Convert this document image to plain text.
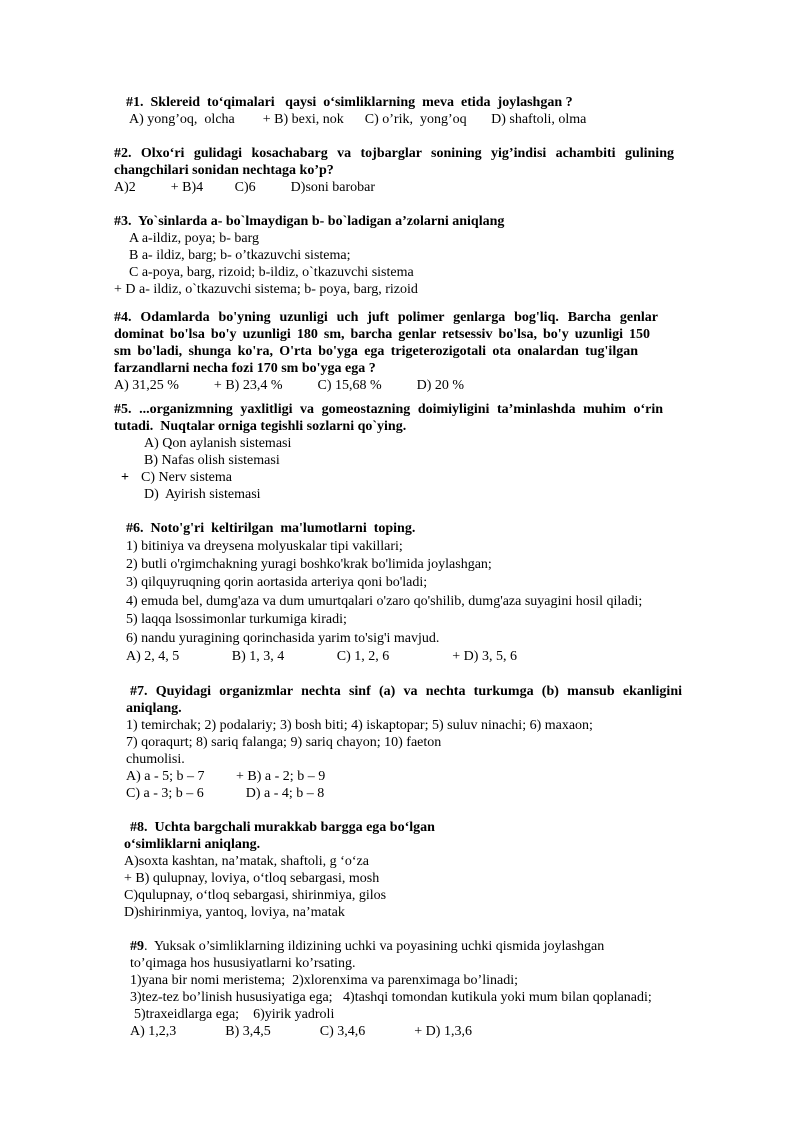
#1.  Sklereid  to‘qimalari   qaysi  o‘simliklarning  meva  etida  joylashgan ?
A) yong’oq,  olcha        + B) bexi, nok      C) o’rik,  yong’oq       D) shaftoli, olma
#2. Olxo‘ri gulidagi kosachabarg va tojbarglar sonining yig’indisi achambiti gulining
changchilari sonidan nechtaga ko’p?
A)2          + B)4         C)6          D)soni barobar
#3.  Yo`sinlarda a- bo`lmaydigan b- bo`ladigan a’zolarni aniqlang
A a-ildiz, poya; b- barg
B a- ildiz, barg; b- o’tkazuvchi sistema;
C a-poya, barg, rizoid; b-ildiz, o`tkazuvchi sistema
+ D a- ildiz, o`tkazuvchi sistema; b- poya, barg, rizoid
#4. Odamlarda bo'yning uzunligi uch juft polimer genlarga bog'liq. Barcha genlar
dominat bo'lsa bo'y uzunligi 180 sm, barcha genlar retsessiv bo'lsa, bo'y uzunligi 150
sm bo'ladi, shunga ko'ra, O'rta bo'yga ega trigeterozigotali ota onalardan tug'ilgan
farzandlarni necha fozi 170 sm bo'yga ega ?
A) 31,25 %          + B) 23,4 %          C) 15,68 %          D) 20 %
#5. ...organizmning yaxlitligi va gomeostazning doimiyligini ta’minlashda muhim o‘rin
tutadi.  Nuqtalar orniga tegishli sozlarni qo`ying.
A) Qon aylanish sistemasi
B) Nafas olish sistemasi
+ C) Nerv sistema
D)  Ayirish sistemasi
#6.  Noto'g'ri  keltirilgan  ma'lumotlarni  toping.
1) bitiniya va dreysena molyuskalar tipi vakillari;
2) butli o'rgimchakning yuragi boshko'krak bo'limida joylashgan;
3) qilquyruqning qorin aortasida arteriya qoni bo'ladi;
4) emuda bel, dumg'aza va dum umurtqalari o'zaro qo'shilib, dumg'aza suyagini hosil qiladi;
5) laqqa lsossimonlar turkumiga kiradi;
6) nandu yuragining qorinchasida yarim to'sig'i mavjud.
A) 2, 4, 5               B) 1, 3, 4               C) 1, 2, 6                  + D) 3, 5, 6
#7. Quyidagi organizmlar nechta sinf (a) va nechta turkumga (b) mansub ekanligini
aniqlang.
1) temirchak; 2) podalariy; 3) bosh biti; 4) iskaptopar; 5) suluv ninachi; 6) maxaon;
7) qoraqurt; 8) sariq falanga; 9) sariq chayon; 10) faeton
chumolisi.
A) a - 5; b – 7         + B) a - 2; b – 9
C) a - 3; b – 6            D) a - 4; b – 8
#8.  Uchta bargchali murakkab bargga ega bo‘lgan
o‘simliklarni aniqlang.
A)soxta kashtan, na’matak, shaftoli, g ‘o‘za
+ B) qulupnay, loviya, o‘tloq sebargasi, mosh
C)qulupnay, o‘tloq sebargasi, shirinmiya, gilos
D)shirinmiya, yantoq, loviya, na’matak
#9.  Yuksak o’simliklarning ildizining uchki va poyasining uchki qismida joylashgan
to’qimaga hos hususiyatlarni ko’rsating.
1)yana bir nomi meristema;  2)xlorenxima va parenximaga bo’linadi;
3)tez-tez bo’linish hususiyatiga ega;   4)tashqi tomondan kutikula yoki mum bilan qoplanadi;
5)traxeidlarga ega;    6)yirik yadroli
A) 1,2,3              B) 3,4,5              C) 3,4,6              + D) 1,3,6
